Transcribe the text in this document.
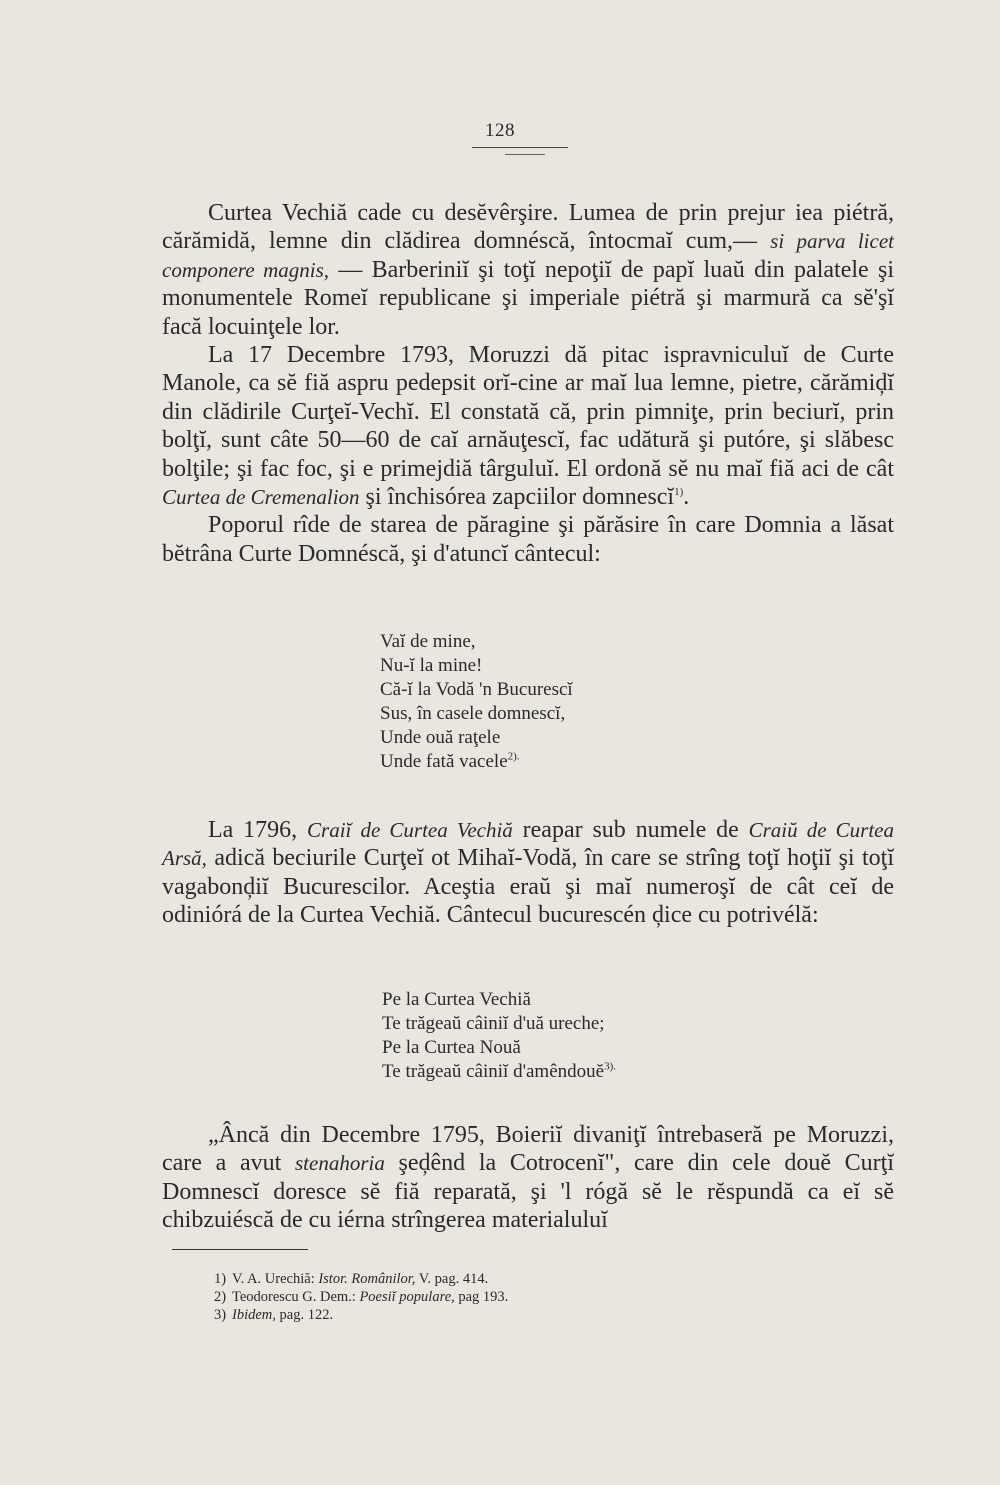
128

Curtea Vechiă cade cu desĕvêrşire. Lumea de prin prejur iea piétră, cărămidă, lemne din clădirea domnéscă, întocmaĭ cum,— si parva licet componere magnis, — Barberiniĭ şi toţĭ nepoţiĭ de papĭ luaŭ din palatele şi monumentele Romeĭ republicane şi imperiale piétră şi marmură ca sĕ'şĭ facă locuinţele lor.

La 17 Decembre 1793, Moruzzi dă pitac ispravniculuĭ de Curte Manole, ca sĕ fiă aspru pedepsit orĭ-cine ar maĭ lua lemne, pietre, cărămiḑĭ din clădirile Curţeĭ-Vechĭ. El constată că, prin pimniţe, prin beciurĭ, prin bolţĭ, sunt câte 50—60 de caĭ arnăuţescĭ, fac udătură şi putóre, şi slăbesc bolţile; şi fac foc, şi e primejdiă târguluĭ. El ordonă sĕ nu maĭ fiă aci de cât Curtea de Cremenalion şi închisórea zapciilor domnescĭ$^{1)}$.

Poporul rîde de starea de păragine şi părăsire în care Domnia a lăsat bĕtrâna Curte Domnéscă, şi d'atuncĭ cântecul:

Vaĭ de mine,
Nu-ĭ la mine!
Că-ĭ la Vodă 'n Bucurescĭ
Sus, în casele domnescĭ,
Unde ouă raţele
Unde fată vacele$^{2).}$

La 1796, Craiĭ de Curtea Vechiă reapar sub numele de Craiŭ de Curtea Arsă, adică beciurile Curţeĭ ot Mihaĭ-Vodă, în care se strîng toţĭ hoţiĭ şi toţĭ vagabonḑiĭ Bucurescilor. Aceştia eraŭ şi maĭ numeroşĭ de cât ceĭ de odiniórá de la Curtea Vechiă. Cântecul bucurescén ḑice cu potrivélă:

Pe la Curtea Vechiă
Te trăgeaŭ câiniĭ d'uă ureche;
Pe la Curtea Nouă
Te trăgeaŭ câiniĭ d'amêndouĕ$^{3).}$

„Âncă din Decembre 1795, Boieriĭ divaniţĭ întrebaseră pe Moruzzi, care a avut stenahoria şeḑênd la Cotrocenĭ", care din cele douĕ Curţĭ Domnescĭ doresce sĕ fiă reparată, şi 'l rógă sĕ le rĕspundă ca eĭ sĕ chibzuiéscă de cu iérna strîngerea materialuluĭ

1) V. A. Urechiă: Istor. Românilor, V. pag. 414.
2) Teodorescu G. Dem.: Poesiĭ populare, pag 193.
3) Ibidem, pag. 122.
